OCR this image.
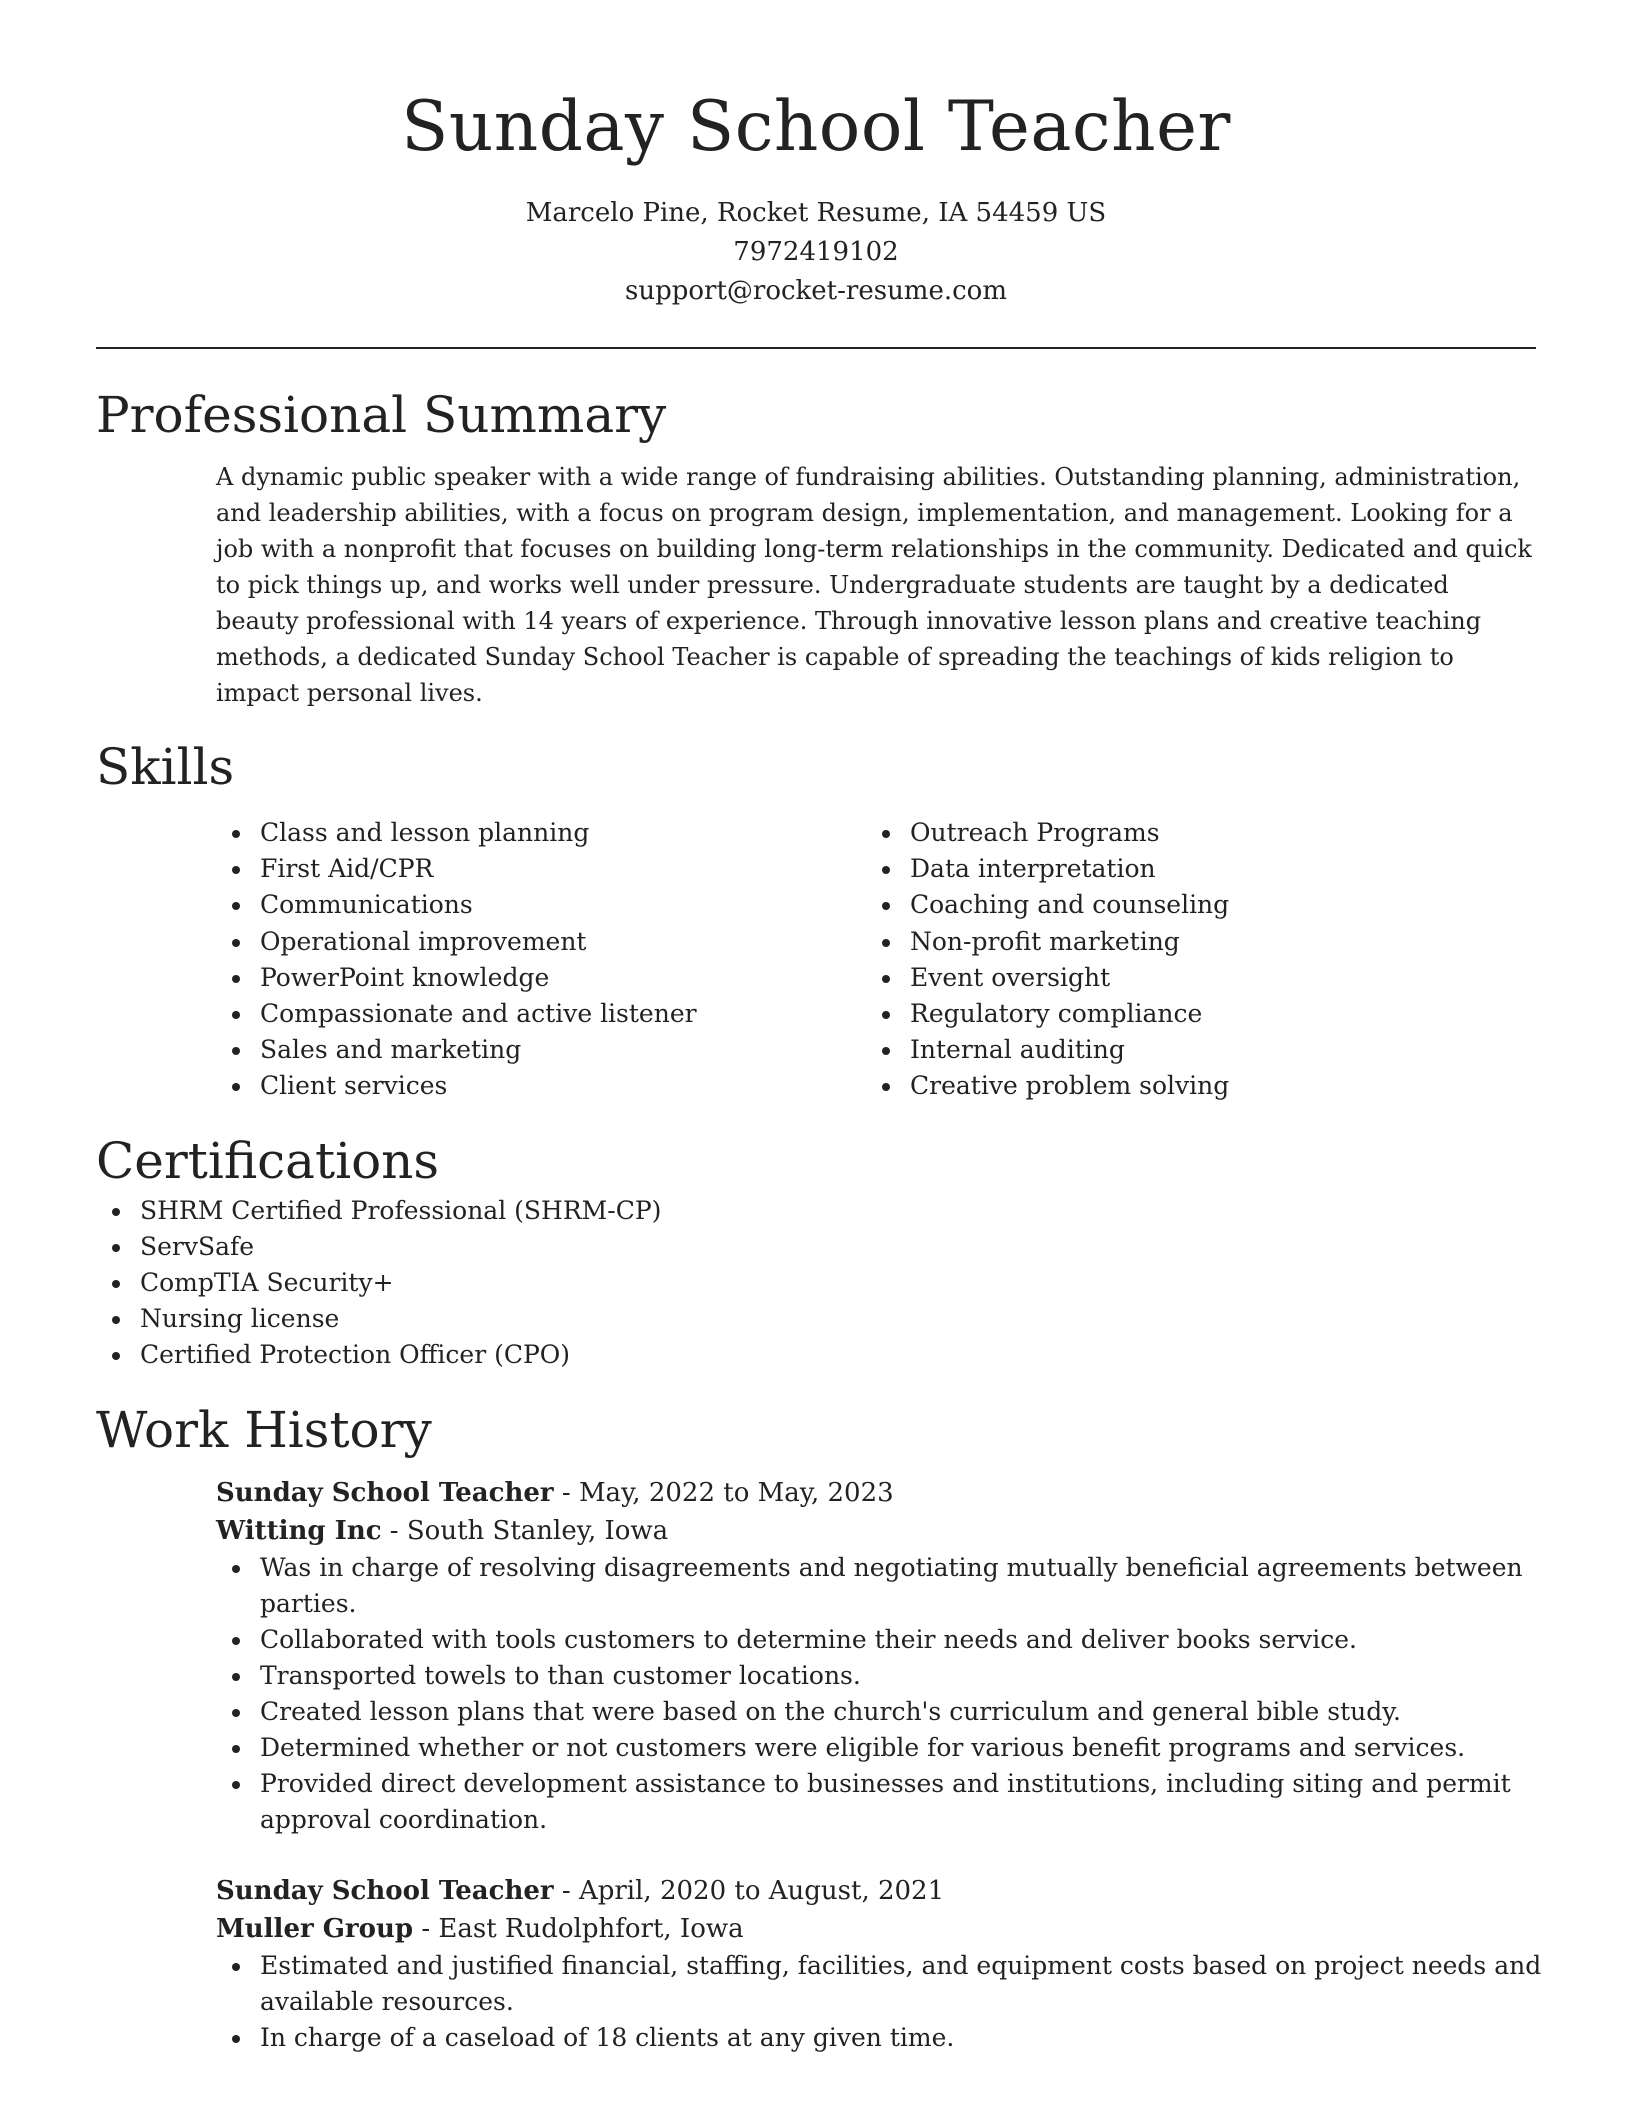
Sunday School Teacher
Marcelo Pine, Rocket Resume, IA 54459 US
7972419102
support@rocket-resume.com
Professional Summary

A dynamic public speaker with a wide range of fundraising abilities. Outstanding planning, administration, and leadership abilities, with a focus on program design, implementation, and management. Looking for a job with a nonprofit that focuses on building long-term relationships in the community. Dedicated and quick to pick things up, and works well under pressure. Undergraduate students are taught by a dedicated beauty professional with 14 years of experience. Through innovative lesson plans and creative teaching methods, a dedicated Sunday School Teacher is capable of spreading the teachings of kids religion to impact personal lives.

Skills
Class and lesson planning
First Aid/CPR
Communications
Operational improvement
PowerPoint knowledge
Compassionate and active listener
Sales and marketing
Client services
Outreach Programs
Data interpretation
Coaching and counseling
Non-profit marketing
Event oversight
Regulatory compliance
Internal auditing
Creative problem solving
Certifications
SHRM Certified Professional (SHRM-CP)
ServSafe
CompTIA Security+
Nursing license
Certified Protection Officer (CPO)
Work History
Sunday School Teacher - May, 2022 to May, 2023
Witting Inc - South Stanley, Iowa
Was in charge of resolving disagreements and negotiating mutually beneficial agreements between parties.
Collaborated with tools customers to determine their needs and deliver books service.
Transported towels to than customer locations.
Created lesson plans that were based on the church's curriculum and general bible study.
Determined whether or not customers were eligible for various benefit programs and services.
Provided direct development assistance to businesses and institutions, including siting and permit approval coordination.
Sunday School Teacher - April, 2020 to August, 2021
Muller Group - East Rudolphfort, Iowa
Estimated and justified financial, staffing, facilities, and equipment costs based on project needs and available resources.
In charge of a caseload of 18 clients at any given time.
